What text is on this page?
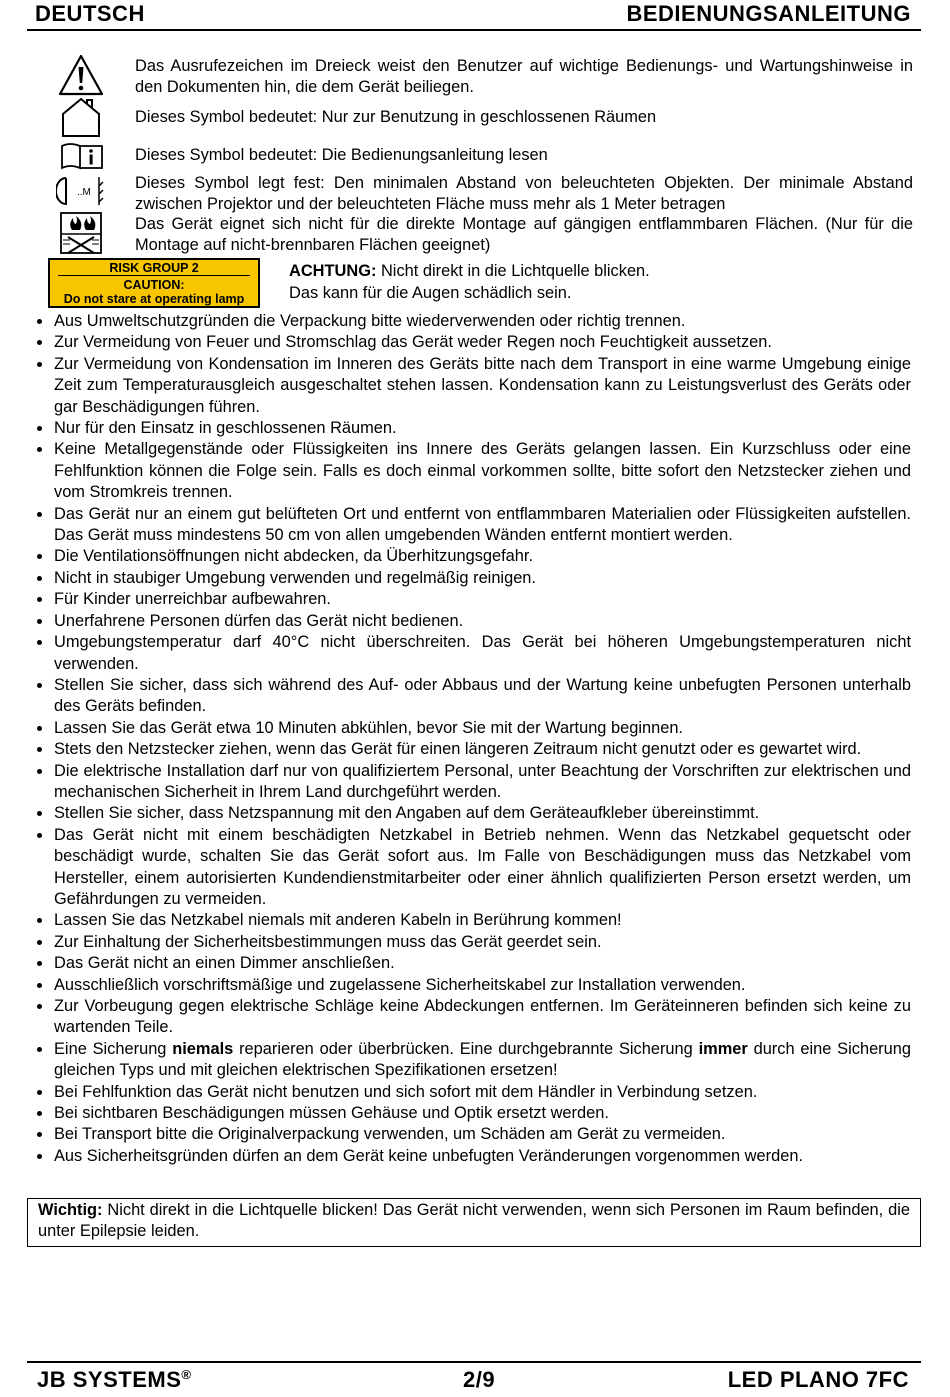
DEUTSCH	BEDIENUNGSANLEITUNG
..M
Das Ausrufezeichen im Dreieck weist den Benutzer auf wichtige Bedienungs- und Wartungshinweise in den Dokumenten hin, die dem Gerät beiliegen.
Dieses Symbol bedeutet: Nur zur Benutzung in geschlossenen Räumen
Dieses Symbol bedeutet: Die Bedienungsanleitung lesen
Dieses Symbol legt fest: Den minimalen Abstand von beleuchteten Objekten. Der minimale Abstand zwischen Projektor und der beleuchteten Fläche muss mehr als 1 Meter betragen
Das Gerät eignet sich nicht für die direkte Montage auf gängigen entflammbaren Flächen. (Nur für die Montage auf nicht-brennbaren Flächen geeignet)
RISK GROUP 2
CAUTION:
Do not stare at operating lamp
ACHTUNG: Nicht direkt in die Lichtquelle blicken.
Das kann für die Augen schädlich sein.
Aus Umweltschutzgründen die Verpackung bitte wiederverwenden oder richtig trennen.
Zur Vermeidung von Feuer und Stromschlag das Gerät weder Regen noch Feuchtigkeit aussetzen.
Zur Vermeidung von Kondensation im Inneren des Geräts bitte nach dem Transport in eine warme Umgebung einige Zeit zum Temperaturausgleich ausgeschaltet stehen lassen. Kondensation kann zu Leistungsverlust des Geräts oder gar Beschädigungen führen.
Nur für den Einsatz in geschlossenen Räumen.
Keine Metallgegenstände oder Flüssigkeiten ins Innere des Geräts gelangen lassen. Ein Kurzschluss oder eine Fehlfunktion können die Folge sein. Falls es doch einmal vorkommen sollte, bitte sofort den Netzstecker ziehen und vom Stromkreis trennen.
Das Gerät nur an einem gut belüfteten Ort und entfernt von entflammbaren Materialien oder Flüssigkeiten aufstellen. Das Gerät muss mindestens 50 cm von allen umgebenden Wänden entfernt montiert werden.
Die Ventilationsöffnungen nicht abdecken, da Überhitzungsgefahr.
Nicht in staubiger Umgebung verwenden und regelmäßig reinigen.
Für Kinder unerreichbar aufbewahren.
Unerfahrene Personen dürfen das Gerät nicht bedienen.
Umgebungstemperatur darf 40°C nicht überschreiten. Das Gerät bei höheren Umgebungstemperaturen nicht verwenden.
Stellen Sie sicher, dass sich während des Auf- oder Abbaus und der Wartung keine unbefugten Personen unterhalb des Geräts befinden.
Lassen Sie das Gerät etwa 10 Minuten abkühlen, bevor Sie mit der Wartung beginnen.
Stets den Netzstecker ziehen, wenn das Gerät für einen längeren Zeitraum nicht genutzt oder es gewartet wird.
Die elektrische Installation darf nur von qualifiziertem Personal, unter Beachtung der Vorschriften zur elektrischen und mechanischen Sicherheit in Ihrem Land durchgeführt werden.
Stellen Sie sicher, dass Netzspannung mit den Angaben auf dem Geräteaufkleber übereinstimmt.
Das Gerät nicht mit einem beschädigten Netzkabel in Betrieb nehmen. Wenn das Netzkabel gequetscht oder beschädigt wurde, schalten Sie das Gerät sofort aus. Im Falle von Beschädigungen muss das Netzkabel vom Hersteller, einem autorisierten Kundendienstmitarbeiter oder einer ähnlich qualifizierten Person ersetzt werden, um Gefährdungen zu vermeiden.
Lassen Sie das Netzkabel niemals mit anderen Kabeln in Berührung kommen!
Zur Einhaltung der Sicherheitsbestimmungen muss das Gerät geerdet sein.
Das Gerät nicht an einen Dimmer anschließen.
Ausschließlich vorschriftsmäßige und zugelassene Sicherheitskabel zur Installation verwenden.
Zur Vorbeugung gegen elektrische Schläge keine Abdeckungen entfernen. Im Geräteinneren befinden sich keine zu wartenden Teile.
Eine Sicherung niemals reparieren oder überbrücken. Eine durchgebrannte Sicherung immer durch eine Sicherung gleichen Typs und mit gleichen elektrischen Spezifikationen ersetzen!
Bei Fehlfunktion das Gerät nicht benutzen und sich sofort mit dem Händler in Verbindung setzen.
Bei sichtbaren Beschädigungen müssen Gehäuse und Optik ersetzt werden.
Bei Transport bitte die Originalverpackung verwenden, um Schäden am Gerät zu vermeiden.
Aus Sicherheitsgründen dürfen an dem Gerät keine unbefugten Veränderungen vorgenommen werden.
Wichtig: Nicht direkt in die Lichtquelle blicken! Das Gerät nicht verwenden, wenn sich Personen im Raum befinden, die unter Epilepsie leiden.
JB SYSTEMS®	2/9	LED PLANO 7FC
